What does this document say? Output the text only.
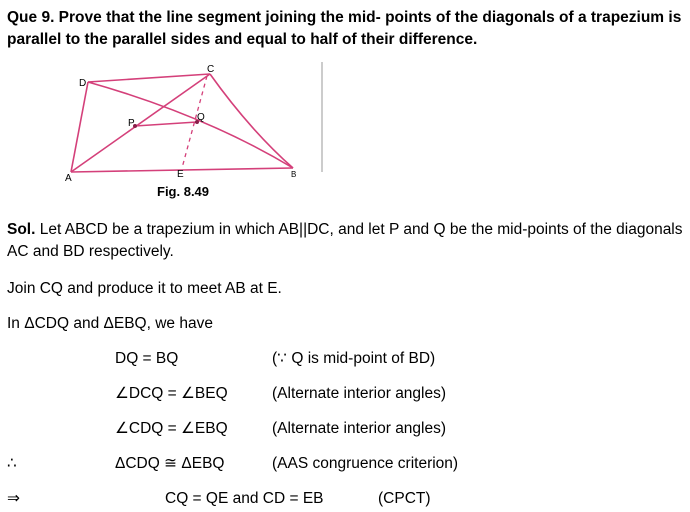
Que 9. Prove that the line segment joining the mid- points of the diagonals of a trapezium is parallel to the parallel sides and equal to half of their difference.
D
C
P
Q
A	E	B
Fig. 8.49
Sol. Let ABCD be a trapezium in which AB||DC, and let P and Q be the mid-points of the diagonals AC and BD respectively.
Join CQ and produce it to meet AB at E.
In ΔCDQ and ΔEBQ, we have
DQ = BQ	(∵ Q is mid-point of BD)
∠DCQ = ∠BEQ	(Alternate interior angles)
∠CDQ = ∠EBQ	(Alternate interior angles)
∴	ΔCDQ ≅ ΔEBQ	(AAS congruence criterion)
⇒	CQ = QE and CD = EB	(CPCT)
